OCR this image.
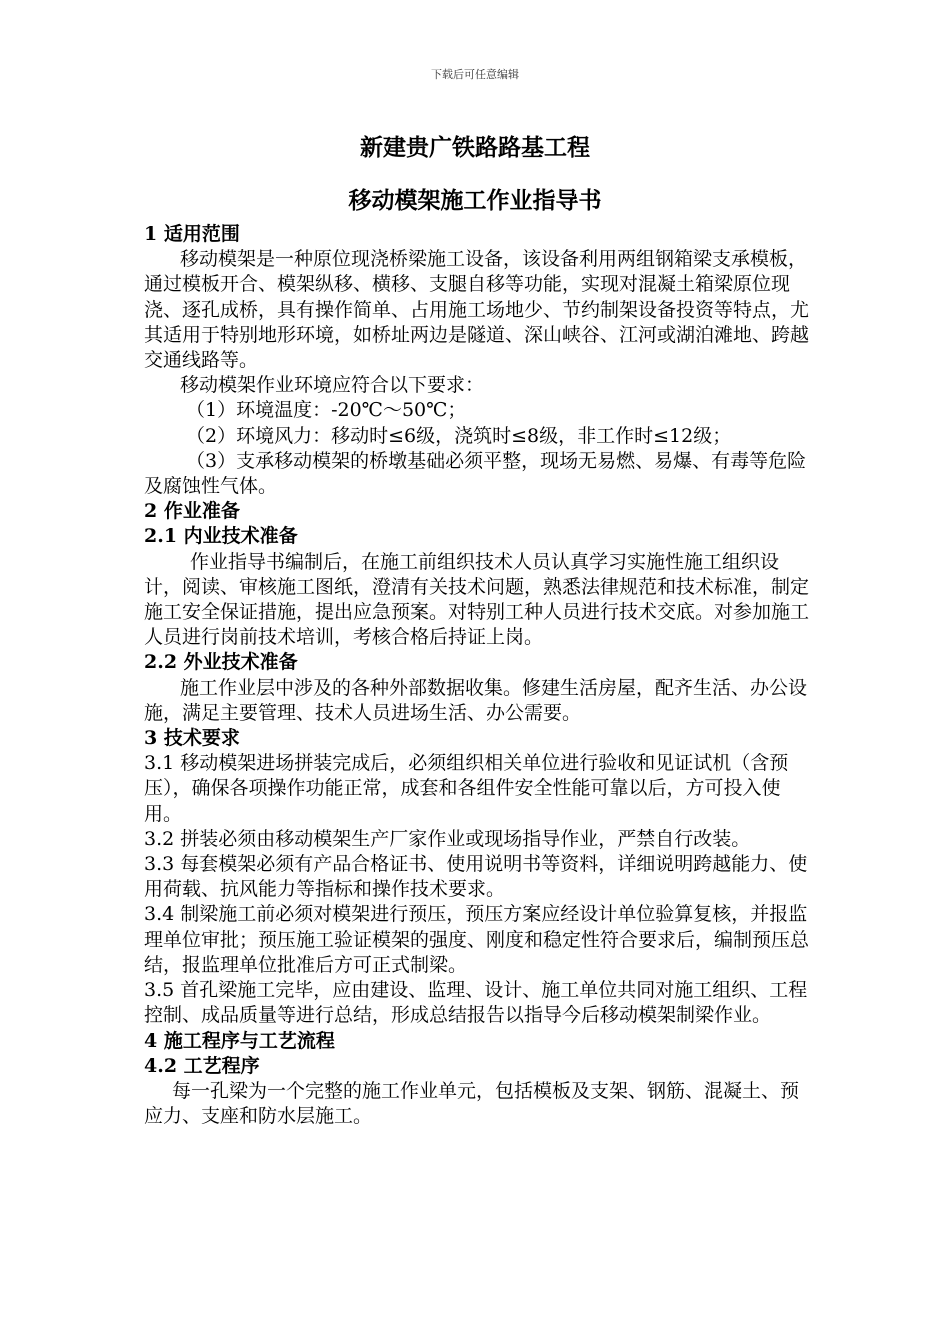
下载后可任意编辑
新建贵广铁路路基工程
移动模架施工作业指导书

1 适用范围

移动模架是一种原位现浇桥梁施工设备，该设备利用两组钢箱梁支承模板，通过模板开合、模架纵移、横移、支腿自移等功能，实现对混凝土箱梁原位现浇、逐孔成桥，具有操作简单、占用施工场地少、节约制架设备投资等特点，尤其适用于特别地形环境，如桥址两边是隧道、深山峡谷、江河或湖泊滩地、跨越交通线路等。

移动模架作业环境应符合以下要求：

（1）环境温度：-20℃～50℃；

（2）环境风力：移动时≤6级，浇筑时≤8级，非工作时≤12级；

（3）支承移动模架的桥墩基础必须平整，现场无易燃、易爆、有毒等危险及腐蚀性气体。

2 作业准备

2.1 内业技术准备

作业指导书编制后，在施工前组织技术人员认真学习实施性施工组织设计，阅读、审核施工图纸，澄清有关技术问题，熟悉法律规范和技术标准，制定施工安全保证措施，提出应急预案。对特别工种人员进行技术交底。对参加施工人员进行岗前技术培训，考核合格后持证上岗。

2.2 外业技术准备

施工作业层中涉及的各种外部数据收集。修建生活房屋，配齐生活、办公设施，满足主要管理、技术人员进场生活、办公需要。

3 技术要求

3.1 移动模架进场拼装完成后，必须组织相关单位进行验收和见证试机（含预压），确保各项操作功能正常，成套和各组件安全性能可靠以后，方可投入使用。

3.2 拼装必须由移动模架生产厂家作业或现场指导作业，严禁自行改装。

3.3 每套模架必须有产品合格证书、使用说明书等资料，详细说明跨越能力、使用荷载、抗风能力等指标和操作技术要求。

3.4 制梁施工前必须对模架进行预压，预压方案应经设计单位验算复核，并报监理单位审批；预压施工验证模架的强度、刚度和稳定性符合要求后，编制预压总结，报监理单位批准后方可正式制梁。

3.5 首孔梁施工完毕，应由建设、监理、设计、施工单位共同对施工组织、工程控制、成品质量等进行总结，形成总结报告以指导今后移动模架制梁作业。

4 施工程序与工艺流程

4.2 工艺程序

每一孔梁为一个完整的施工作业单元，包括模板及支架、钢筋、混凝土、预应力、支座和防水层施工。
